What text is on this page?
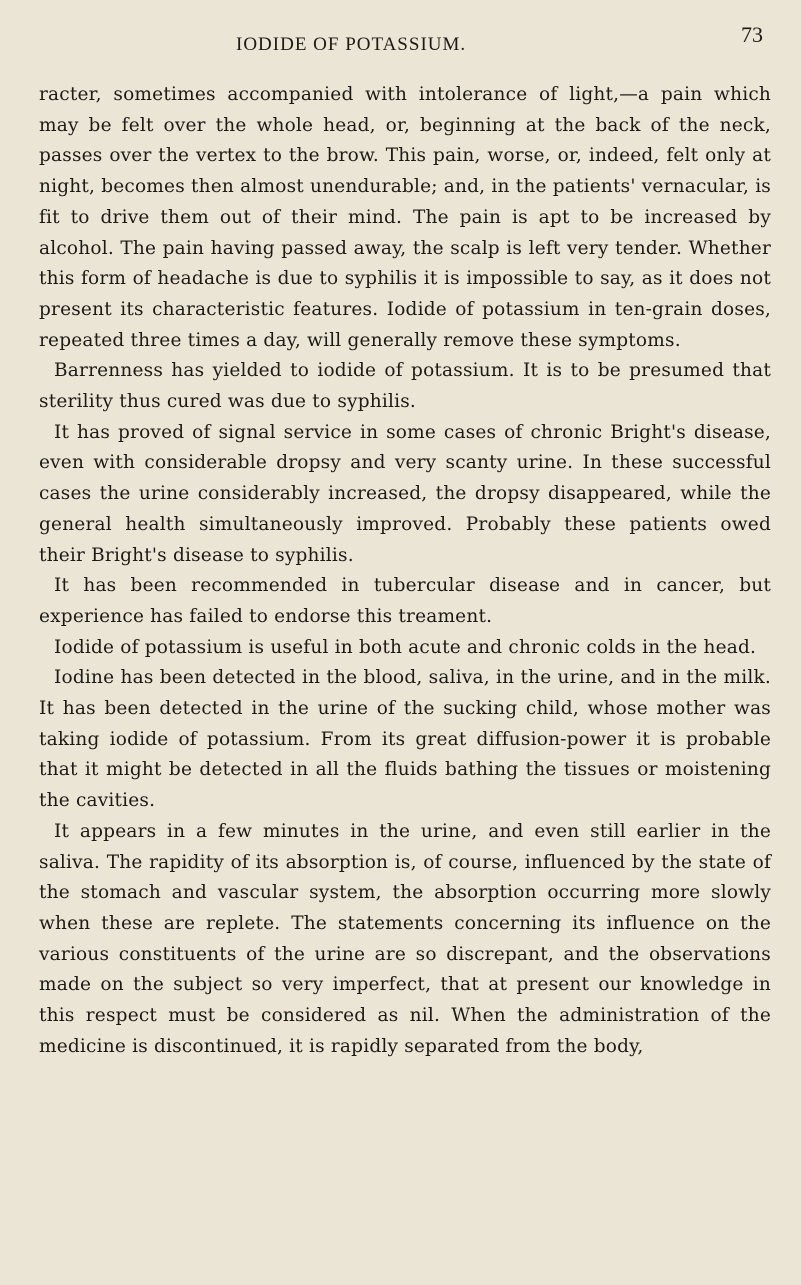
IODIDE OF POTASSIUM.	73

racter, sometimes accompanied with intolerance of light,—a pain which may be felt over the whole head, or, beginning at the back of the neck, passes over the vertex to the brow. This pain, worse, or, indeed, felt only at night, becomes then almost unendurable; and, in the patients' vernacular, is fit to drive them out of their mind. The pain is apt to be increased by alcohol. The pain having passed away, the scalp is left very tender. Whether this form of headache is due to syphilis it is impossible to say, as it does not present its characteristic features. Iodide of potassium in ten-grain doses, repeated three times a day, will generally remove these symptoms.

Barrenness has yielded to iodide of potassium. It is to be presumed that sterility thus cured was due to syphilis.

It has proved of signal service in some cases of chronic Bright's disease, even with considerable dropsy and very scanty urine. In these successful cases the urine considerably increased, the dropsy disappeared, while the general health simultaneously improved. Probably these patients owed their Bright's disease to syphilis.

It has been recommended in tubercular disease and in cancer, but experience has failed to endorse this treament.

Iodide of potassium is useful in both acute and chronic colds in the head.

Iodine has been detected in the blood, saliva, in the urine, and in the milk. It has been detected in the urine of the sucking child, whose mother was taking iodide of potassium. From its great diffusion-power it is probable that it might be detected in all the fluids bathing the tissues or moistening the cavities.

It appears in a few minutes in the urine, and even still earlier in the saliva. The rapidity of its absorption is, of course, influenced by the state of the stomach and vascular system, the absorption occurring more slowly when these are replete. The statements concerning its influence on the various constituents of the urine are so discrepant, and the observations made on the subject so very imperfect, that at present our knowledge in this respect must be considered as nil. When the administration of the medicine is discontinued, it is rapidly separated from the body,
